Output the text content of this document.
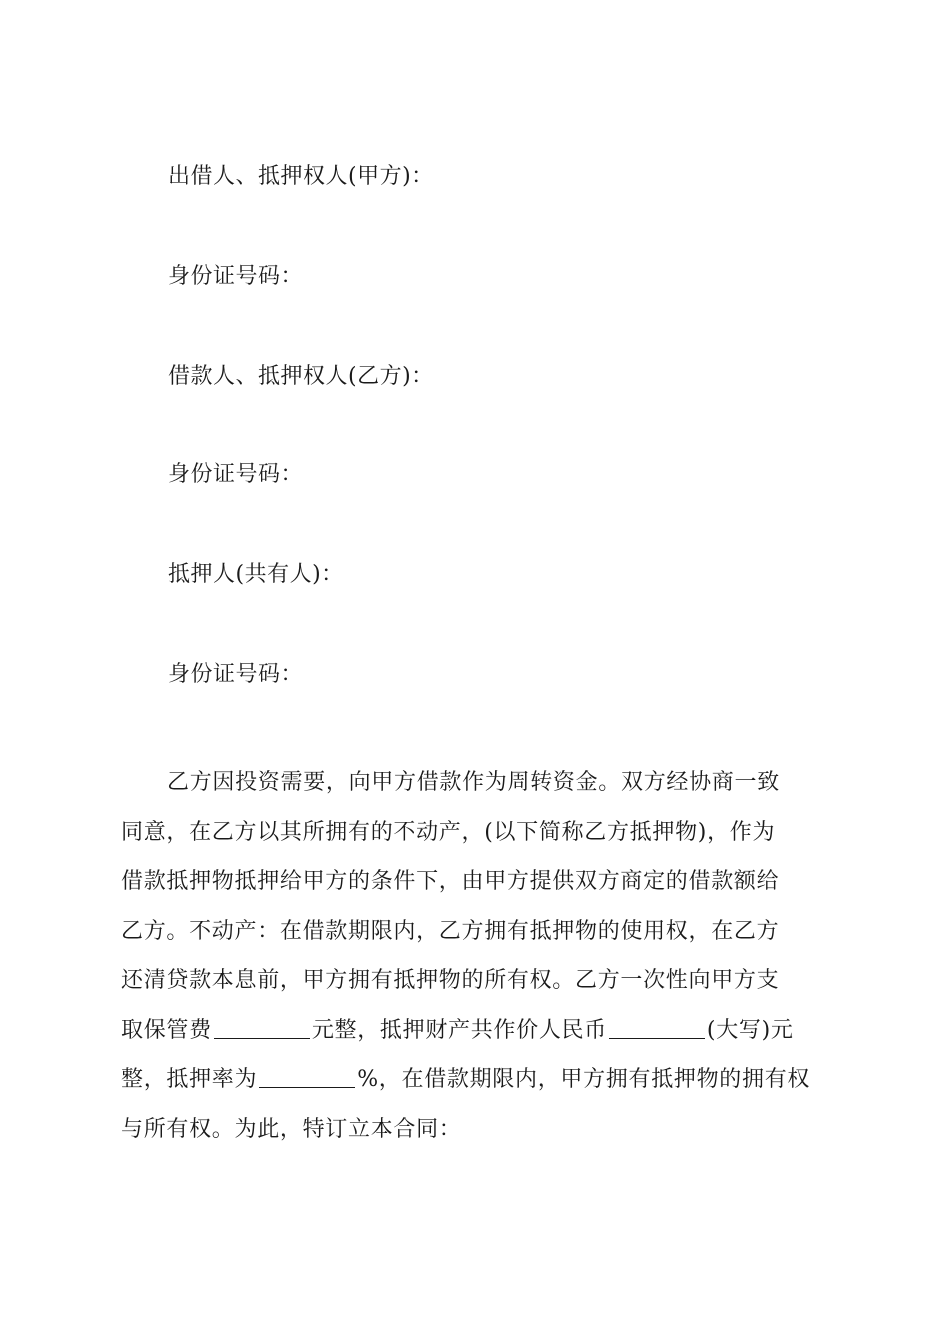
出借人、抵押权人(甲方)：
身份证号码：
借款人、抵押权人(乙方)：
身份证号码：
抵押人(共有人)：
身份证号码：
乙方因投资需要，向甲方借款作为周转资金。双方经协商一致
同意，在乙方以其所拥有的不动产，(以下简称乙方抵押物)，作为
借款抵押物抵押给甲方的条件下，由甲方提供双方商定的借款额给
乙方。不动产：在借款期限内，乙方拥有抵押物的使用权，在乙方
还清贷款本息前，甲方拥有抵押物的所有权。乙方一次性向甲方支
取保管费	元整，抵押财产共作价人民币	(大写)元
整，抵押率为	%，在借款期限内，甲方拥有抵押物的拥有权
与所有权。为此，特订立本合同：
